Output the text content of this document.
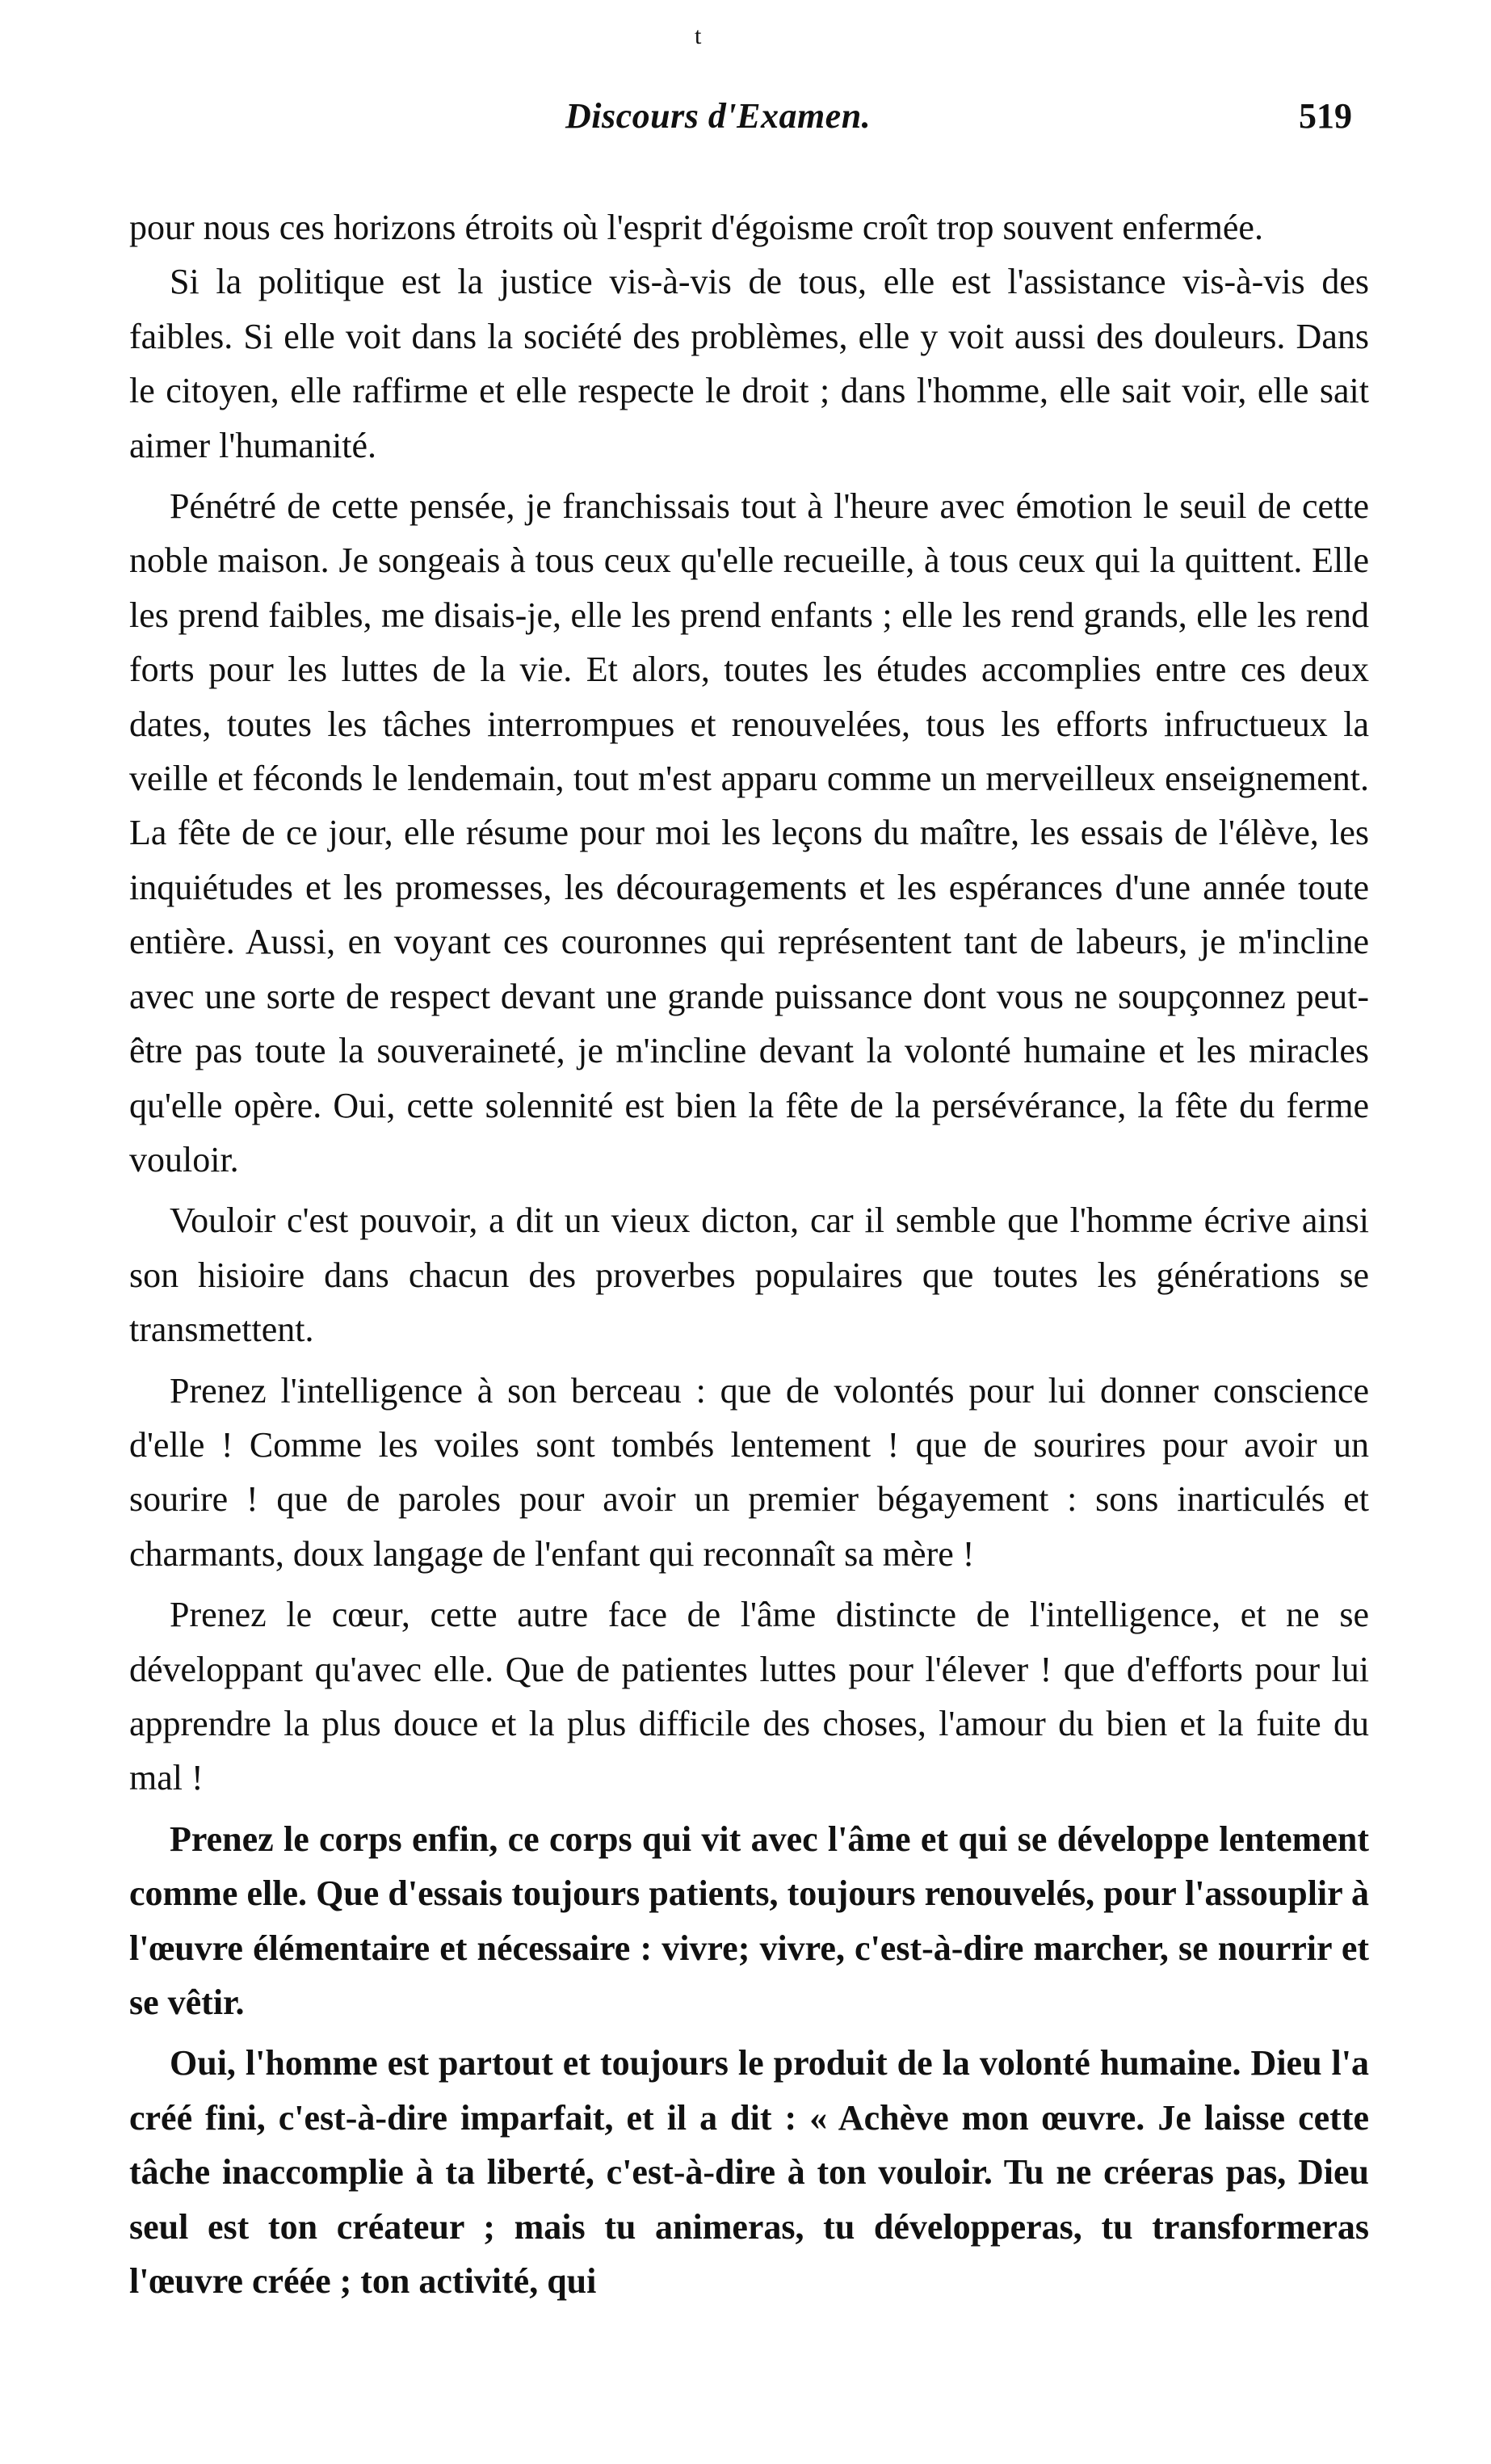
t
Discours d'Examen.	519

pour nous ces horizons étroits où l'esprit d'égoisme croît trop souvent enfermée.

Si la politique est la justice vis-à-vis de tous, elle est l'assistance vis-à-vis des faibles. Si elle voit dans la société des problèmes, elle y voit aussi des douleurs. Dans le citoyen, elle raffirme et elle respecte le droit ; dans l'homme, elle sait voir, elle sait aimer l'humanité.

Pénétré de cette pensée, je franchissais tout à l'heure avec émotion le seuil de cette noble maison. Je songeais à tous ceux qu'elle recueille, à tous ceux qui la quittent. Elle les prend faibles, me disais-je, elle les prend enfants ; elle les rend grands, elle les rend forts pour les luttes de la vie. Et alors, toutes les études accomplies entre ces deux dates, toutes les tâches interrompues et renouvelées, tous les efforts infructueux la veille et féconds le lendemain, tout m'est apparu comme un merveilleux enseignement. La fête de ce jour, elle résume pour moi les leçons du maître, les essais de l'élève, les inquiétudes et les promesses, les découragements et les espérances d'une année toute entière. Aussi, en voyant ces couronnes qui représentent tant de labeurs, je m'incline avec une sorte de respect devant une grande puissance dont vous ne soupçonnez peut-être pas toute la souveraineté, je m'incline devant la volonté humaine et les miracles qu'elle opère. Oui, cette solennité est bien la fête de la persévérance, la fête du ferme vouloir.

Vouloir c'est pouvoir, a dit un vieux dicton, car il semble que l'homme écrive ainsi son hisioire dans chacun des proverbes populaires que toutes les générations se transmettent.

Prenez l'intelligence à son berceau : que de volontés pour lui donner conscience d'elle ! Comme les voiles sont tombés lentement ! que de sourires pour avoir un sourire ! que de paroles pour avoir un premier bégayement : sons inarticulés et charmants, doux langage de l'enfant qui reconnaît sa mère !

Prenez le cœur, cette autre face de l'âme distincte de l'intelligence, et ne se développant qu'avec elle. Que de patientes luttes pour l'élever ! que d'efforts pour lui apprendre la plus douce et la plus difficile des choses, l'amour du bien et la fuite du mal !

Prenez le corps enfin, ce corps qui vit avec l'âme et qui se développe lentement comme elle. Que d'essais toujours patients, toujours renouvelés, pour l'assouplir à l'œuvre élémentaire et nécessaire : vivre; vivre, c'est-à-dire marcher, se nourrir et se vêtir.

Oui, l'homme est partout et toujours le produit de la volonté humaine. Dieu l'a créé fini, c'est-à-dire imparfait, et il a dit : « Achève mon œuvre. Je laisse cette tâche inaccomplie à ta liberté, c'est-à-dire à ton vouloir. Tu ne créeras pas, Dieu seul est ton créateur ; mais tu animeras, tu développeras, tu transformeras l'œuvre créée ; ton activité, qui
